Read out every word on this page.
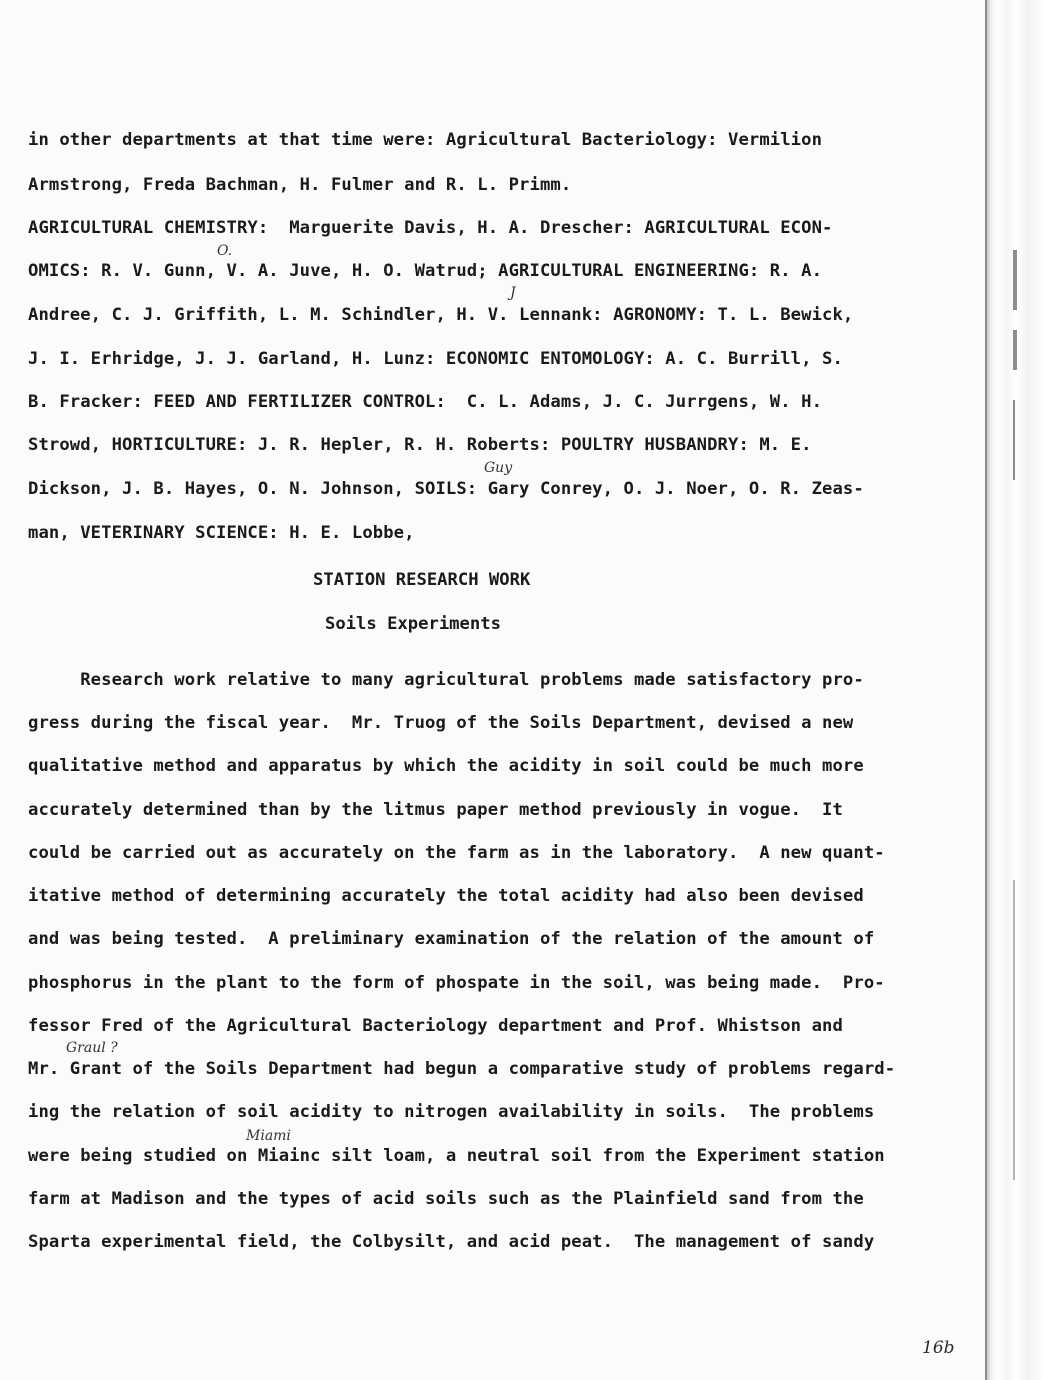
in other departments at that time were: Agricultural Bacteriology: Vermilion
Armstrong, Freda Bachman, H. Fulmer and R. L. Primm.
AGRICULTURAL CHEMISTRY:  Marguerite Davis, H. A. Drescher: AGRICULTURAL ECON-
OMICS: R. V. Gunn, V. A. Juve, H. O. Watrud; AGRICULTURAL ENGINEERING: R. A.
Andree, C. J. Griffith, L. M. Schindler, H. V. Lennank: AGRONOMY: T. L. Bewick,
J. I. Erhridge, J. J. Garland, H. Lunz: ECONOMIC ENTOMOLOGY: A. C. Burrill, S.
B. Fracker: FEED AND FERTILIZER CONTROL:  C. L. Adams, J. C. Jurrgens, W. H.
Strowd, HORTICULTURE: J. R. Hepler, R. H. Roberts: POULTRY HUSBANDRY: M. E.
Dickson, J. B. Hayes, O. N. Johnson, SOILS: Gary Conrey, O. J. Noer, O. R. Zeas-
man, VETERINARY SCIENCE: H. E. Lobbe,
O.
J
Guy
STATION RESEARCH WORK
Soils Experiments
Research work relative to many agricultural problems made satisfactory pro-
gress during the fiscal year.  Mr. Truog of the Soils Department, devised a new
qualitative method and apparatus by which the acidity in soil could be much more
accurately determined than by the litmus paper method previously in vogue.  It
could be carried out as accurately on the farm as in the laboratory.  A new quant-
itative method of determining accurately the total acidity had also been devised
and was being tested.  A preliminary examination of the relation of the amount of
phosphorus in the plant to the form of phospate in the soil, was being made.  Pro-
fessor Fred of the Agricultural Bacteriology department and Prof. Whistson and
Mr. Grant of the Soils Department had begun a comparative study of problems regard-
ing the relation of soil acidity to nitrogen availability in soils.  The problems
were being studied on Miainc silt loam, a neutral soil from the Experiment station
farm at Madison and the types of acid soils such as the Plainfield sand from the
Sparta experimental field, the Colbysilt, and acid peat.  The management of sandy
Graul ?
Miami
16b
